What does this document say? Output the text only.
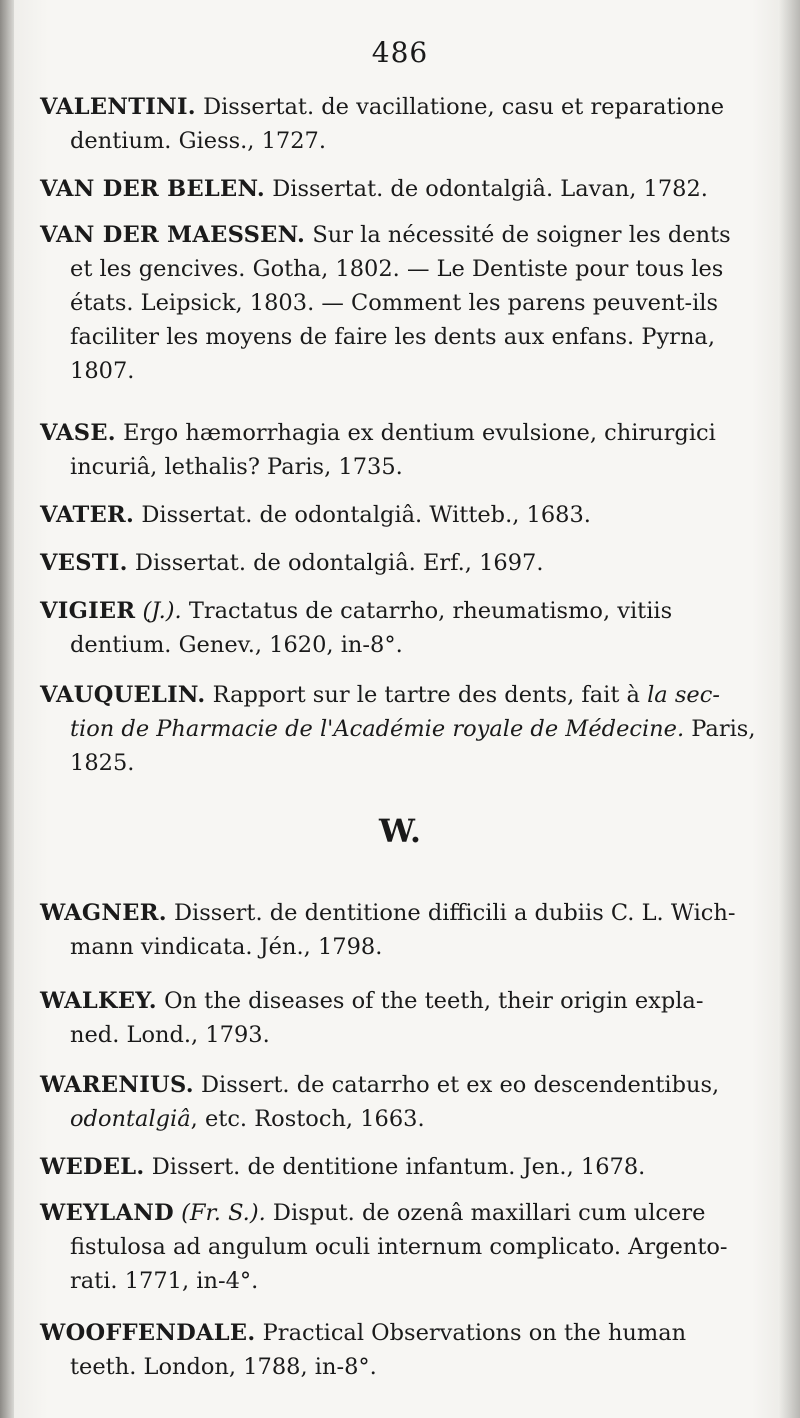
486
VALENTINI. Dissertat. de vacillatione, casu et reparatione
dentium. Giess., 1727.
VAN DER BELEN. Dissertat. de odontalgiâ. Lavan, 1782.
VAN DER MAESSEN. Sur la nécessité de soigner les dents
et les gencives. Gotha, 1802. — Le Dentiste pour tous les
états. Leipsick, 1803. — Comment les parens peuvent-ils
faciliter les moyens de faire les dents aux enfans. Pyrna,
1807.
VASE. Ergo hæmorrhagia ex dentium evulsione, chirurgici
incuriâ, lethalis? Paris, 1735.
VATER. Dissertat. de odontalgiâ. Witteb., 1683.
VESTI. Dissertat. de odontalgiâ. Erf., 1697.
VIGIER (J.). Tractatus de catarrho, rheumatismo, vitiis
dentium. Genev., 1620, in-8°.
VAUQUELIN. Rapport sur le tartre des dents, fait à la sec-
tion de Pharmacie de l'Académie royale de Médecine. Paris,
1825.
W.
WAGNER. Dissert. de dentitione difficili a dubiis C. L. Wich-
mann vindicata. Jén., 1798.
WALKEY. On the diseases of the teeth, their origin expla-
ned. Lond., 1793.
WARENIUS. Dissert. de catarrho et ex eo descendentibus,
odontalgiâ, etc. Rostoch, 1663.
WEDEL. Dissert. de dentitione infantum. Jen., 1678.
WEYLAND (Fr. S.). Disput. de ozenâ maxillari cum ulcere
fistulosa ad angulum oculi internum complicato. Argento-
rati. 1771, in-4°.
WOOFFENDALE. Practical Observations on the human
teeth. London, 1788, in-8°.
